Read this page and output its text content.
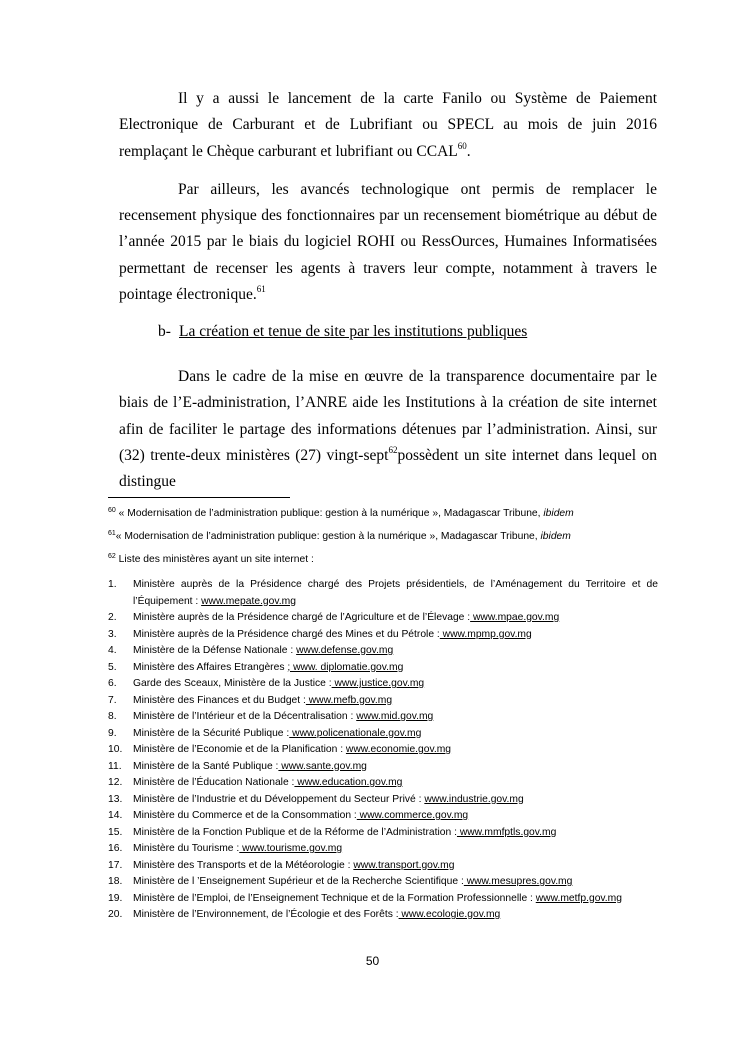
Il y a aussi le lancement de la carte Fanilo ou Système de Paiement Electronique de Carburant et de Lubrifiant ou SPECL au mois de juin 2016 remplaçant le Chèque carburant et lubrifiant ou CCAL$^{60}$.

Par ailleurs, les avancés technologique ont permis de remplacer le recensement physique des fonctionnaires par un recensement biométrique au début de l’année 2015 par le biais du logiciel ROHI ou RessOurces, Humaines Informatisées permettant de recenser les agents à travers leur compte, notamment à travers le pointage électronique.$^{61}$

b- La création et tenue de site par les institutions publiques

Dans le cadre de la mise en œuvre de la transparence documentaire par le biais de l’E-administration, l’ANRE aide les Institutions à la création de site internet afin de faciliter le partage des informations détenues par l’administration. Ainsi, sur (32) trente-deux ministères (27) vingt-sept$^{62}$possèdent un site internet dans lequel on distingue

$^{60}$ « Modernisation de l’administration publique: gestion à la numérique », Madagascar Tribune, ibidem
$^{61}$« Modernisation de l’administration publique: gestion à la numérique », Madagascar Tribune, ibidem
$^{62}$ Liste des ministères ayant un site internet :
1. Ministère auprès de la Présidence chargé des Projets présidentiels, de l’Aménagement du Territoire et de l’Équipement : www.mepate.gov.mg
2. Ministère auprès de la Présidence chargé de l’Agriculture et de l’Élevage : www.mpae.gov.mg
3. Ministère auprès de la Présidence chargé des Mines et du Pétrole : www.mpmp.gov.mg
4. Ministère de la Défense Nationale : www.defense.gov.mg
5. Ministère des Affaires Etrangères ; www. diplomatie.gov.mg
6. Garde des Sceaux, Ministère de la Justice : www.justice.gov.mg
7. Ministère des Finances et du Budget : www.mefb.gov.mg
8. Ministère de l’Intérieur et de la Décentralisation : www.mid.gov.mg
9. Ministère de la Sécurité Publique : www.policenationale.gov.mg
10. Ministère de l’Economie et de la Planification : www.economie.gov.mg
11. Ministère de la Santé Publique : www.sante.gov.mg
12. Ministère de l’Éducation Nationale : www.education.gov.mg
13. Ministère de l’Industrie et du Développement du Secteur Privé : www.industrie.gov.mg
14. Ministère du Commerce et de la Consommation : www.commerce.gov.mg
15. Ministère de la Fonction Publique et de la Réforme de l’Administration : www.mmfptls.gov.mg
16. Ministère du Tourisme : www.tourisme.gov.mg
17. Ministère des Transports et de la Météorologie : www.transport.gov.mg
18. Ministère de l ’Enseignement Supérieur et de la Recherche Scientifique : www.mesupres.gov.mg
19. Ministère de l’Emploi, de l’Enseignement Technique et de la Formation Professionnelle : www.metfp.gov.mg
20. Ministère de l’Environnement, de l’Écologie et des Forêts : www.ecologie.gov.mg
50
